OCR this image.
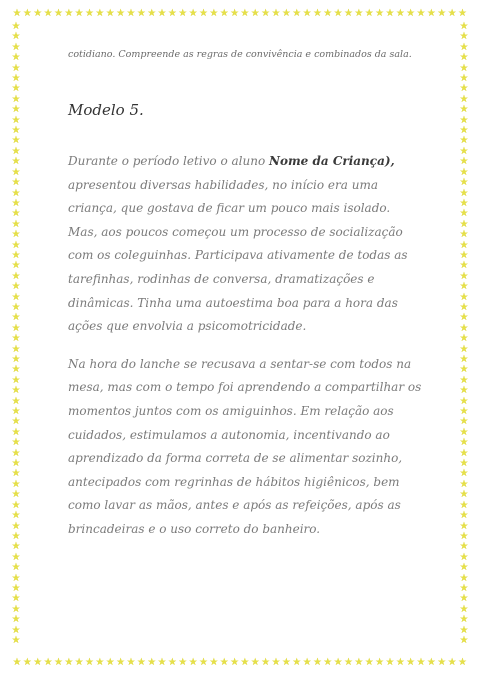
★ ★ ★ ★ ★ ★ ★ ★ ★ ★ ★ ★ ★ ★ ★ ★ ★ ★ ★ ★ ★ ★ ★ ★ ★ ★ ★ ★ ★ ★ ★ ★ ★ ★ ★ ★ ★ ★ ★ ★ ★ ★ ★ ★
★ ★ ★ ★ ★ ★ ★ ★ ★ ★ ★ ★ ★ ★ ★ ★ ★ ★ ★ ★ ★ ★ ★ ★ ★ ★ ★ ★ ★ ★ ★ ★ ★ ★ ★ ★ ★ ★ ★ ★ ★ ★ ★ ★
★
★
★
★
★
★
★
★
★
★
★
★
★
★
★
★
★
★
★
★
★
★
★
★
★
★
★
★
★
★
★
★
★
★
★
★
★
★
★
★
★
★
★
★
★
★
★
★
★
★
★
★
★
★
★
★
★
★
★
★
★
★
★
★
★
★
★
★
★
★
★
★
★
★
★
★
★
★
★
★
★
★
★
★
★
★
★
★
★
★
★
★
★
★
★
★
★
★
★
★
★
★
★
★
★
★
★
★
★
★
★
★
★
★
★
★
★
★
★
★

cotidiano. Compreende as regras de convivência e combinados da sala.

Modelo 5.

Durante o período letivo o aluno Nome da Criança), apresentou diversas habilidades, no início era uma criança, que gostava de ficar um pouco mais isolado. Mas, aos poucos começou um processo de socialização com os coleguinhas. Participava ativamente de todas as tarefinhas, rodinhas de conversa, dramatizações e dinâmicas. Tinha uma autoestima boa para a hora das ações que envolvia a psicomotricidade.

Na hora do lanche se recusava a sentar-se com todos na mesa, mas com o tempo foi aprendendo a compartilhar os momentos juntos com os amiguinhos. Em relação aos cuidados, estimulamos a autonomia, incentivando ao aprendizado da forma correta de se alimentar sozinho, antecipados com regrinhas de hábitos higiênicos, bem como lavar as mãos, antes e após as refeições, após as brincadeiras e o uso correto do banheiro.
